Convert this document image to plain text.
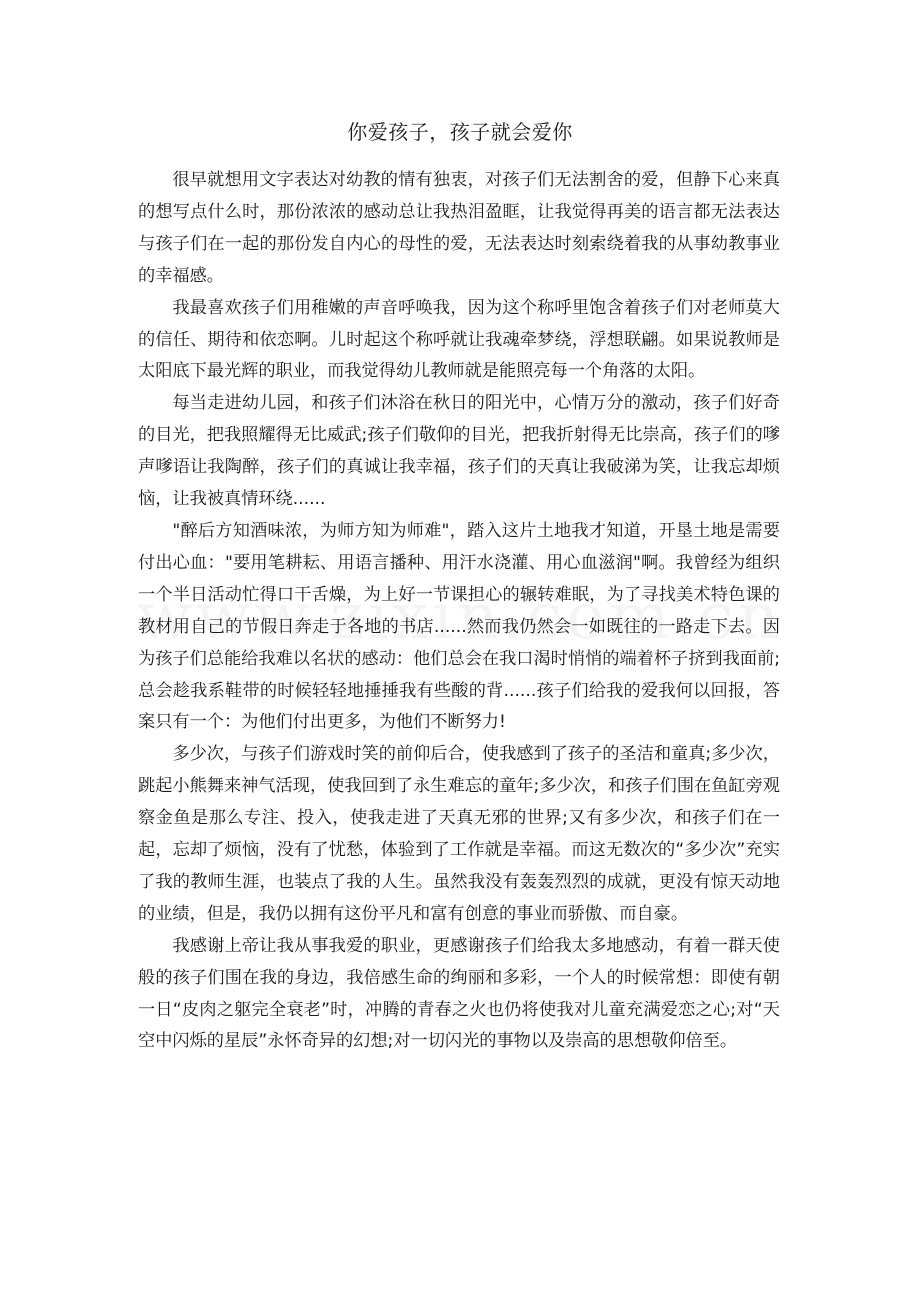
你爱孩子，孩子就会爱你

很早就想用文字表达对幼教的情有独衷，对孩子们无法割舍的爱，但静下心来真的想写点什么时，那份浓浓的感动总让我热泪盈眶，让我觉得再美的语言都无法表达与孩子们在一起的那份发自内心的母性的爱，无法表达时刻索绕着我的从事幼教事业的幸福感。

我最喜欢孩子们用稚嫩的声音呼唤我，因为这个称呼里饱含着孩子们对老师莫大的信任、期待和依恋啊。儿时起这个称呼就让我魂牵梦绕，浮想联翩。如果说教师是太阳底下最光辉的职业，而我觉得幼儿教师就是能照亮每一个角落的太阳。

每当走进幼儿园，和孩子们沐浴在秋日的阳光中，心情万分的激动，孩子们好奇的目光，把我照耀得无比威武;孩子们敬仰的目光，把我折射得无比崇高，孩子们的嗲声嗲语让我陶醉，孩子们的真诚让我幸福，孩子们的天真让我破涕为笑，让我忘却烦恼，让我被真情环绕......

"醉后方知酒味浓，为师方知为师难"，踏入这片土地我才知道，开垦土地是需要付出心血："要用笔耕耘、用语言播种、用汗水浇灌、用心血滋润"啊。我曾经为组织一个半日活动忙得口干舌燥，为上好一节课担心的辗转难眠，为了寻找美术特色课的教材用自己的节假日奔走于各地的书店......然而我仍然会一如既往的一路走下去。因为孩子们总能给我难以名状的感动：他们总会在我口渴时悄悄的端着杯子挤到我面前;总会趁我系鞋带的时候轻轻地捶捶我有些酸的背......孩子们给我的爱我何以回报，答案只有一个：为他们付出更多，为他们不断努力!

多少次，与孩子们游戏时笑的前仰后合，使我感到了孩子的圣洁和童真;多少次，跳起小熊舞来神气活现，使我回到了永生难忘的童年;多少次，和孩子们围在鱼缸旁观察金鱼是那么专注、投入，使我走进了天真无邪的世界;又有多少次，和孩子们在一起，忘却了烦恼，没有了忧愁，体验到了工作就是幸福。而这无数次的“多少次”充实了我的教师生涯，也装点了我的人生。虽然我没有轰轰烈烈的成就，更没有惊天动地的业绩，但是，我仍以拥有这份平凡和富有创意的事业而骄傲、而自豪。

我感谢上帝让我从事我爱的职业，更感谢孩子们给我太多地感动，有着一群天使般的孩子们围在我的身边，我倍感生命的绚丽和多彩，一个人的时候常想：即使有朝一日“皮肉之躯完全衰老”时，冲腾的青春之火也仍将使我对儿童充满爱恋之心;对“天空中闪烁的星辰”永怀奇异的幻想;对一切闪光的事物以及崇高的思想敬仰倍至。
